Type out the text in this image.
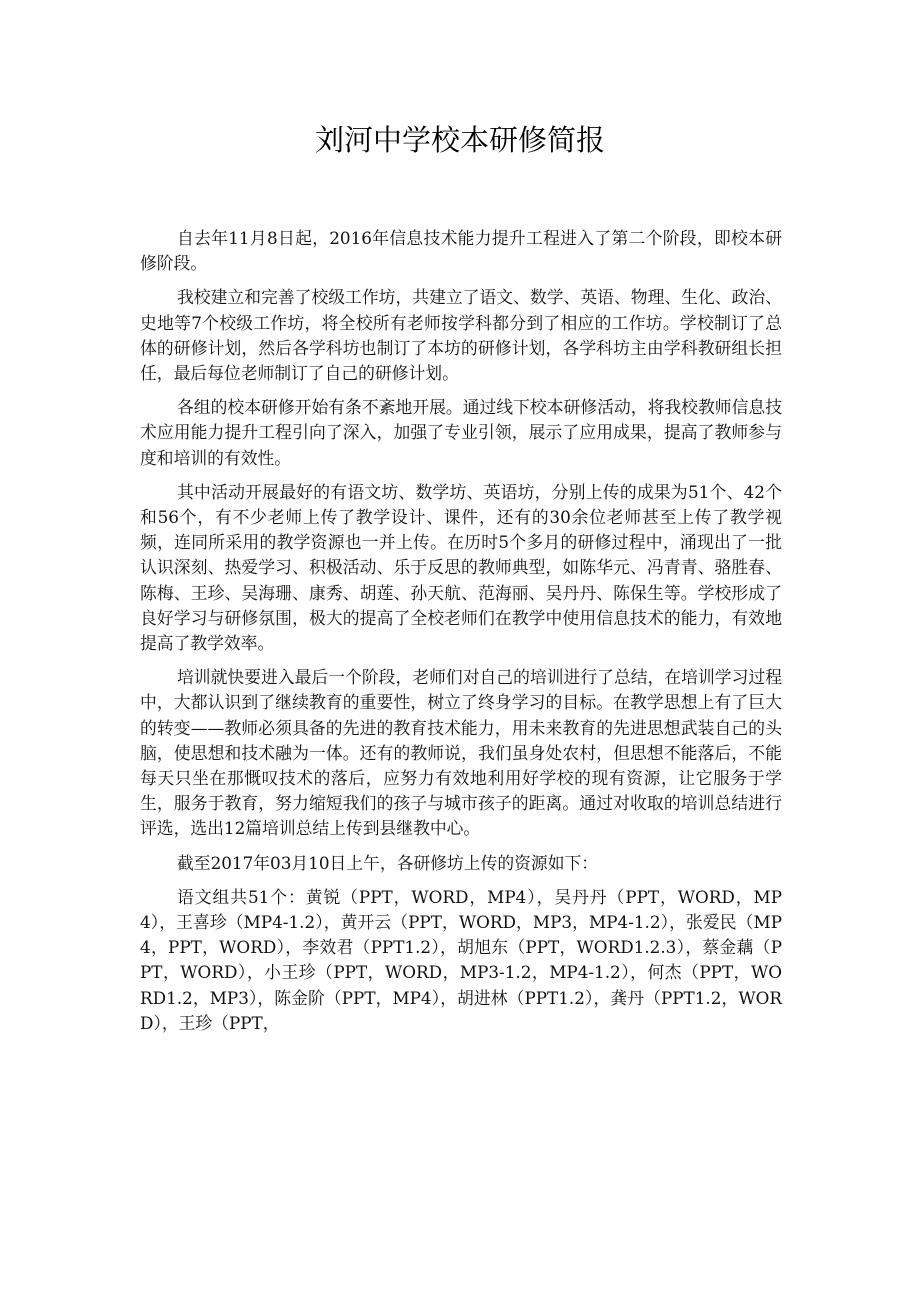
刘河中学校本研修简报

自去年11月8日起，2016年信息技术能力提升工程进入了第二个阶段，即校本研修阶段。

我校建立和完善了校级工作坊，共建立了语文、数学、英语、物理、生化、政治、史地等7个校级工作坊，将全校所有老师按学科都分到了相应的工作坊。学校制订了总体的研修计划，然后各学科坊也制订了本坊的研修计划，各学科坊主由学科教研组长担任，最后每位老师制订了自己的研修计划。

各组的校本研修开始有条不紊地开展。通过线下校本研修活动，将我校教师信息技术应用能力提升工程引向了深入，加强了专业引领，展示了应用成果，提高了教师参与度和培训的有效性。

其中活动开展最好的有语文坊、数学坊、英语坊，分别上传的成果为51个、42个和56个，有不少老师上传了教学设计、课件，还有的30余位老师甚至上传了教学视频，连同所采用的教学资源也一并上传。在历时5个多月的研修过程中，涌现出了一批认识深刻、热爱学习、积极活动、乐于反思的教师典型，如陈华元、冯青青、骆胜春、陈梅、王珍、吴海珊、康秀、胡莲、孙天航、范海丽、吴丹丹、陈保生等。学校形成了良好学习与研修氛围，极大的提高了全校老师们在教学中使用信息技术的能力，有效地提高了教学效率。

培训就快要进入最后一个阶段，老师们对自己的培训进行了总结，在培训学习过程中，大都认识到了继续教育的重要性，树立了终身学习的目标。在教学思想上有了巨大的转变——教师必须具备的先进的教育技术能力，用未来教育的先进思想武装自己的头脑，使思想和技术融为一体。还有的教师说，我们虽身处农村，但思想不能落后，不能每天只坐在那慨叹技术的落后，应努力有效地利用好学校的现有资源，让它服务于学生，服务于教育，努力缩短我们的孩子与城市孩子的距离。通过对收取的培训总结进行评选，选出12篇培训总结上传到县继教中心。

截至2017年03月10日上午，各研修坊上传的资源如下：

语文组共51个：黄锐（PPT，WORD，MP4），吴丹丹（PPT，WORD，MP4），王喜珍（MP4-1.2），黄开云（PPT，WORD，MP3，MP4-1.2），张爱民（MP4，PPT，WORD），李效君（PPT1.2），胡旭东（PPT，WORD1.2.3），蔡金藕（PPT，WORD），小王珍（PPT，WORD，MP3-1.2，MP4-1.2），何杰（PPT，WORD1.2，MP3），陈金阶（PPT，MP4），胡进林（PPT1.2），龚丹（PPT1.2，WORD），王珍（PPT，
